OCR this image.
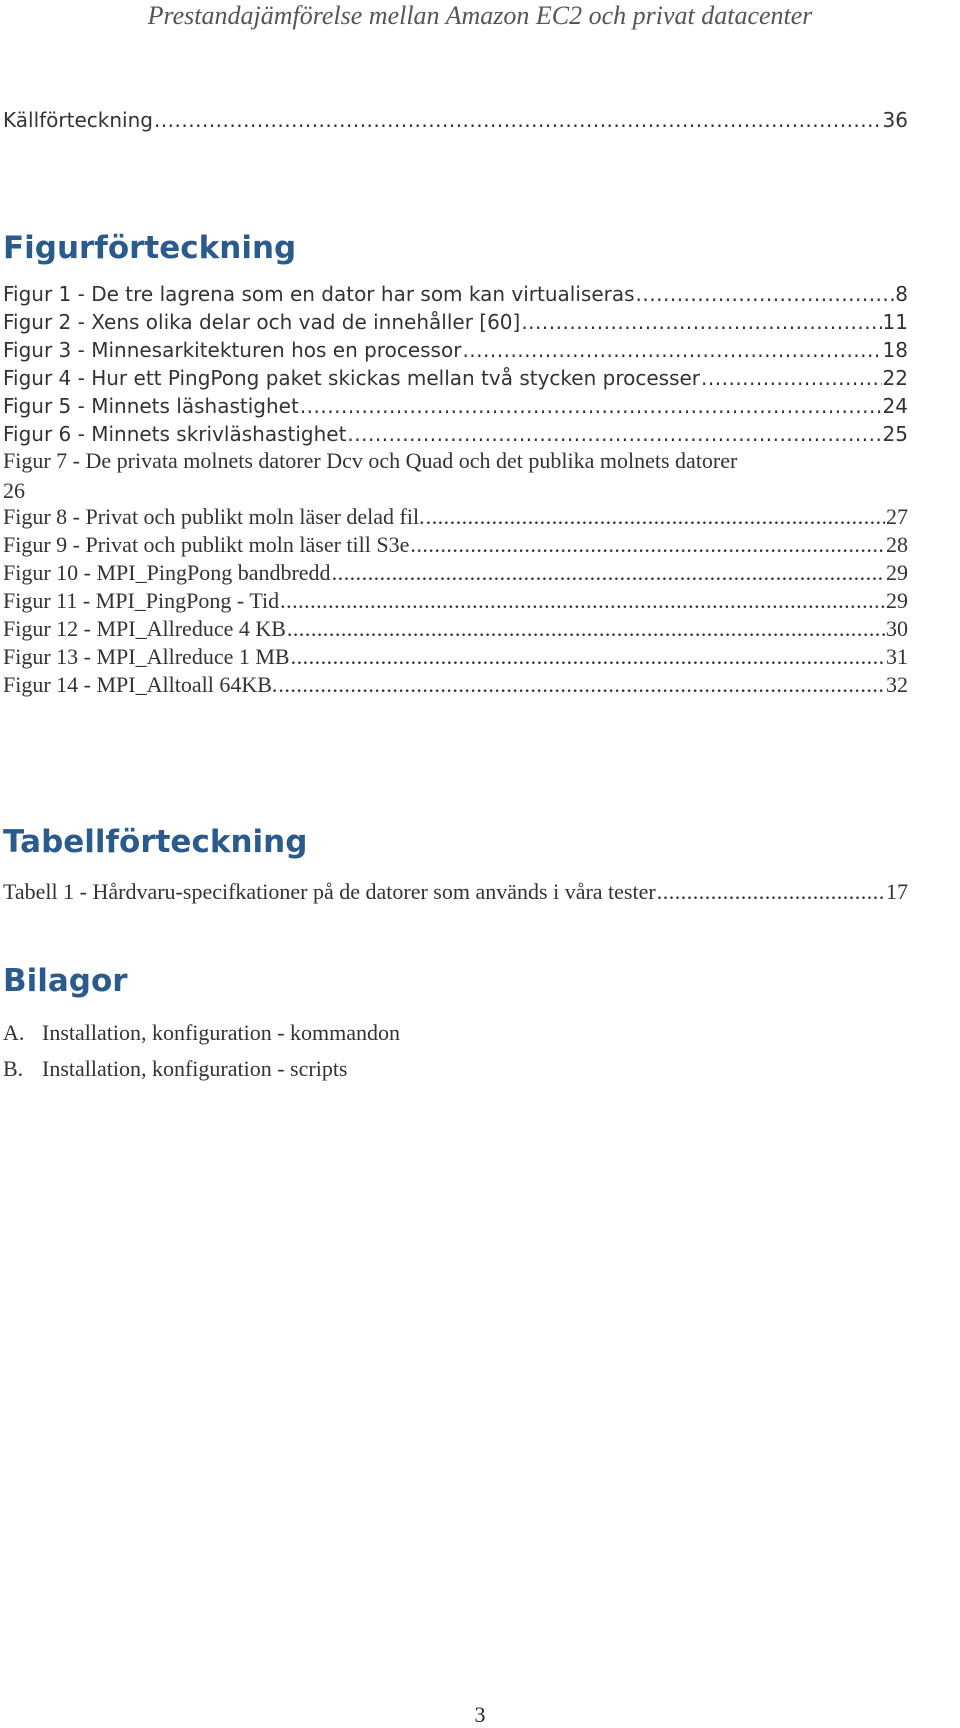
Prestandajämförelse mellan Amazon EC2 och privat datacenter
Källförteckning .....	36
Figurförteckning
Figur 1 - De tre lagrena som en dator har som kan virtualiseras .....	8
Figur 2 - Xens olika delar och vad de innehåller [60] .....	11
Figur 3 - Minnesarkitekturen hos en processor .....	18
Figur 4 - Hur ett PingPong paket skickas mellan två stycken processer .....	22
Figur 5 - Minnets läshastighet .....	24
Figur 6 - Minnets skrivläshastighet .....	25
Figur 7 - De privata molnets datorer Dcv och Quad och det publika molnets datorer
26
Figur 8 - Privat och publikt moln läser delad fil. .....	27
Figur 9 - Privat och publikt moln läser till S3e .....	28
Figur 10 - MPI_PingPong bandbredd .....	29
Figur 11 - MPI_PingPong - Tid .....	29
Figur 12 - MPI_Allreduce 4 KB .....	30
Figur 13 - MPI_Allreduce 1 MB .....	31
Figur 14 - MPI_Alltoall 64KB. .....	32
Tabellförteckning
Tabell 1 - Hårdvaru-specifkationer på de datorer som används i våra tester .....	17
Bilagor
A. Installation, konfiguration - kommandon
B. Installation, konfiguration - scripts
3
